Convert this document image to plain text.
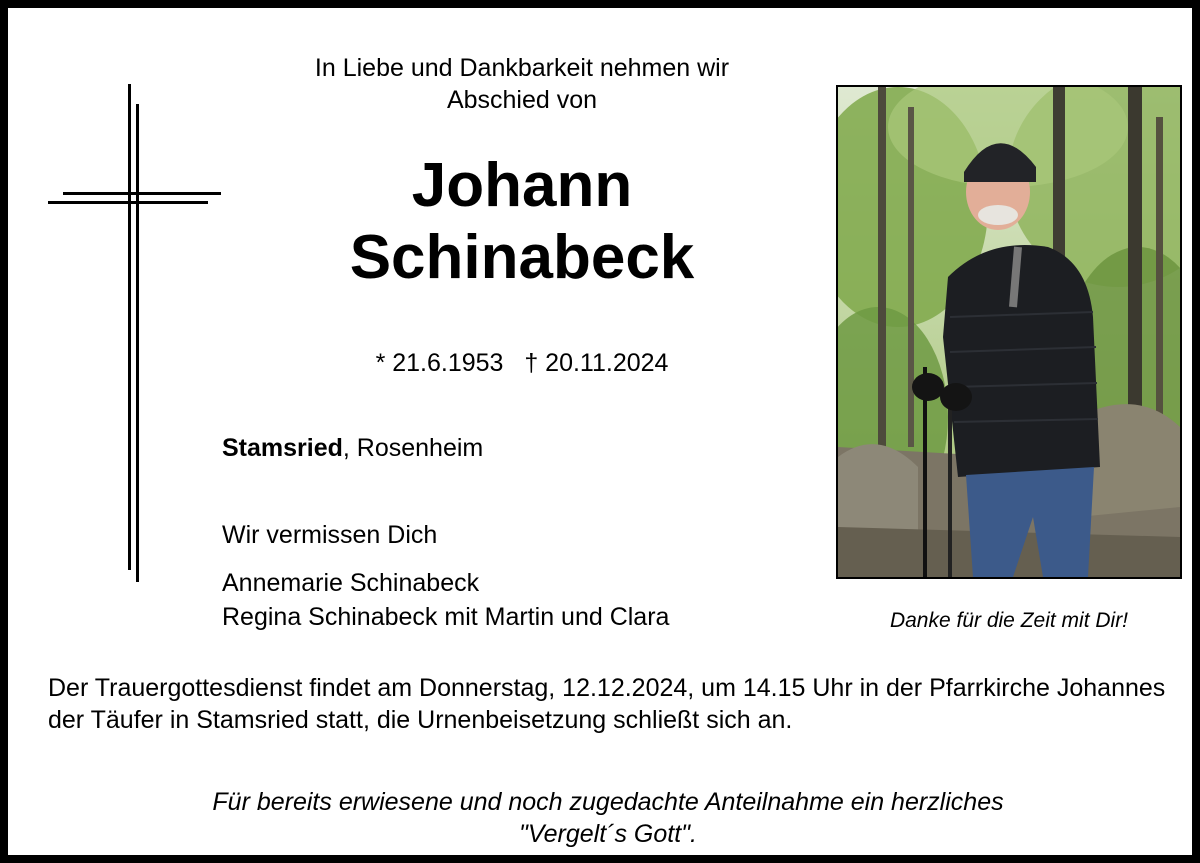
In Liebe und Dankbarkeit nehmen wir
Abschied von
Johann
Schinabeck
* 21.6.1953 † 20.11.2024
Stamsried, Rosenheim
Wir vermissen Dich
Annemarie Schinabeck
Regina Schinabeck mit Martin und Clara	Danke für die Zeit mit Dir!
Der Trauergottesdienst findet am Donnerstag, 12.12.2024, um 14.15 Uhr in der Pfarrkirche Johannes der Täufer in Stamsried statt, die Urnenbeisetzung schließt sich an.
Für bereits erwiesene und noch zugedachte Anteilnahme ein herzliches
"Vergelt´s Gott".
